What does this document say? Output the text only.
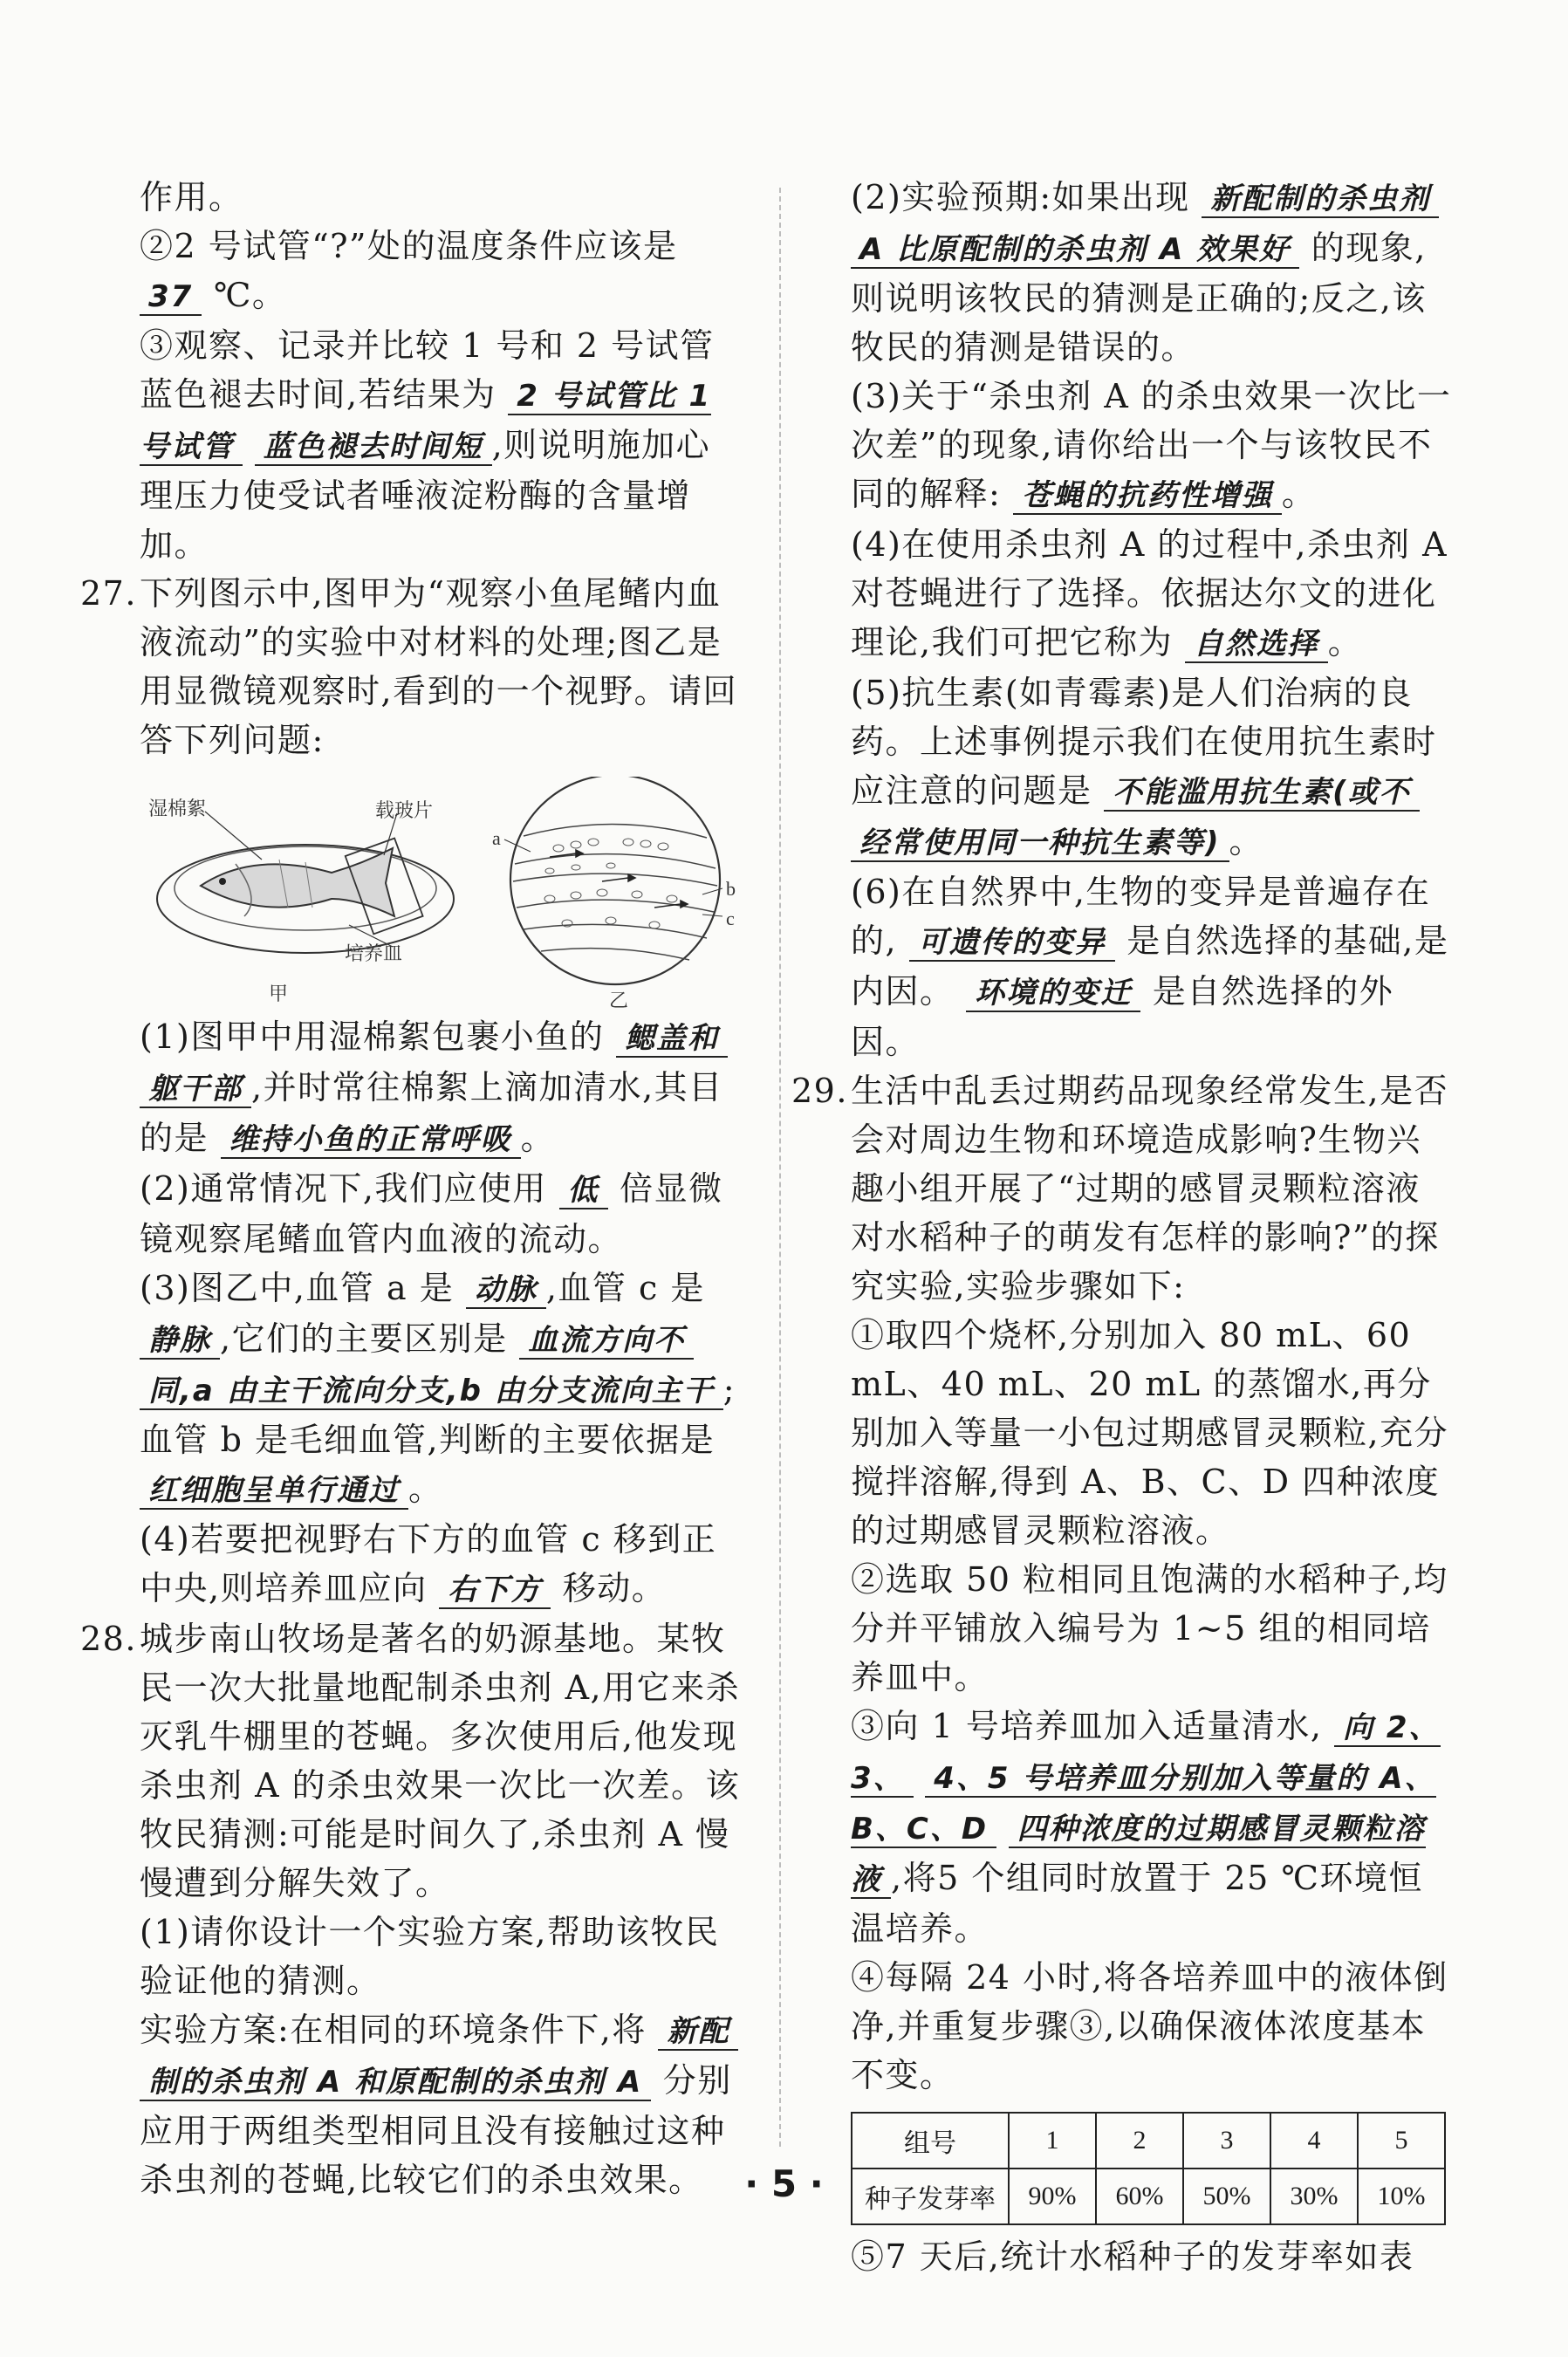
作用。

②2 号试管“?”处的温度条件应该是
37 ℃。

③观察、记录并比较 1 号和 2 号试管蓝色褪去时间,若结果为 2 号试管比 1 号试管 蓝色褪去时间短 ,则说明施加心理压力使受试者唾液淀粉酶的含量增加。

27.下列图示中,图甲为“观察小鱼尾鳍内血液流动”的实验中对材料的处理;图乙是用显微镜观察时,看到的一个视野。请回答下列问题:

湿棉絮	载玻片
培养皿
甲	乙
a
b
c

(1)图甲中用湿棉絮包裹小鱼的 鳃盖和 躯干部 ,并时常往棉絮上滴加清水,其目的是 维持小鱼的正常呼吸 。

(2)通常情况下,我们应使用 低 倍显微镜观察尾鳍血管内血液的流动。

(3)图乙中,血管 a 是 动脉 ,血管 c 是 静脉 ,它们的主要区别是 血流方向不 同,a 由主干流向分支,b 由分支流向主干 ;血管 b 是毛细血管,判断的主要依据是 红细胞呈单行通过 。

(4)若要把视野右下方的血管 c 移到正中央,则培养皿应向 右下方 移动。

28.城步南山牧场是著名的奶源基地。某牧民一次大批量地配制杀虫剂 A,用它来杀灭乳牛棚里的苍蝇。多次使用后,他发现杀虫剂 A 的杀虫效果一次比一次差。该牧民猜测:可能是时间久了,杀虫剂 A 慢慢遭到分解失效了。

(1)请你设计一个实验方案,帮助该牧民验证他的猜测。

实验方案:在相同的环境条件下,将 新配 制的杀虫剂 A 和原配制的杀虫剂 A 分别应用于两组类型相同且没有接触过这种杀虫剂的苍蝇,比较它们的杀虫效果。

(2)实验预期:如果出现 新配制的杀虫剂 A 比原配制的杀虫剂 A 效果好 的现象,则说明该牧民的猜测是正确的;反之,该牧民的猜测是错误的。

(3)关于“杀虫剂 A 的杀虫效果一次比一次差”的现象,请你给出一个与该牧民不同的解释: 苍蝇的抗药性增强 。

(4)在使用杀虫剂 A 的过程中,杀虫剂 A 对苍蝇进行了选择。依据达尔文的进化理论,我们可把它称为 自然选择 。

(5)抗生素(如青霉素)是人们治病的良药。上述事例提示我们在使用抗生素时应注意的问题是 不能滥用抗生素(或不 经常使用同一种抗生素等) 。

(6)在自然界中,生物的变异是普遍存在的, 可遗传的变异 是自然选择的基础,是内因。 环境的变迁 是自然选择的外因。

29.生活中乱丢过期药品现象经常发生,是否会对周边生物和环境造成影响?生物兴趣小组开展了“过期的感冒灵颗粒溶液对水稻种子的萌发有怎样的影响?”的探究实验,实验步骤如下:

①取四个烧杯,分别加入 80 mL、60 mL、40 mL、20 mL 的蒸馏水,再分别加入等量一小包过期感冒灵颗粒,充分搅拌溶解,得到 A、B、C、D 四种浓度的过期感冒灵颗粒溶液。

②选取 50 粒相同且饱满的水稻种子,均分并平铺放入编号为 1~5 组的相同培养皿中。

③向 1 号培养皿加入适量清水, 向 2、3、 4、5 号培养皿分别加入等量的 A、B、C、D 四种浓度的过期感冒灵颗粒溶液 ,将5 个组同时放置于 25 ℃环境恒温培养。

④每隔 24 小时,将各培养皿中的液体倒净,并重复步骤③,以确保液体浓度基本不变。

组号	1	2	3	4	5
种子发芽率	90%	60%	50%	30%	10%

⑤7 天后,统计水稻种子的发芽率如表

· 5 ·
